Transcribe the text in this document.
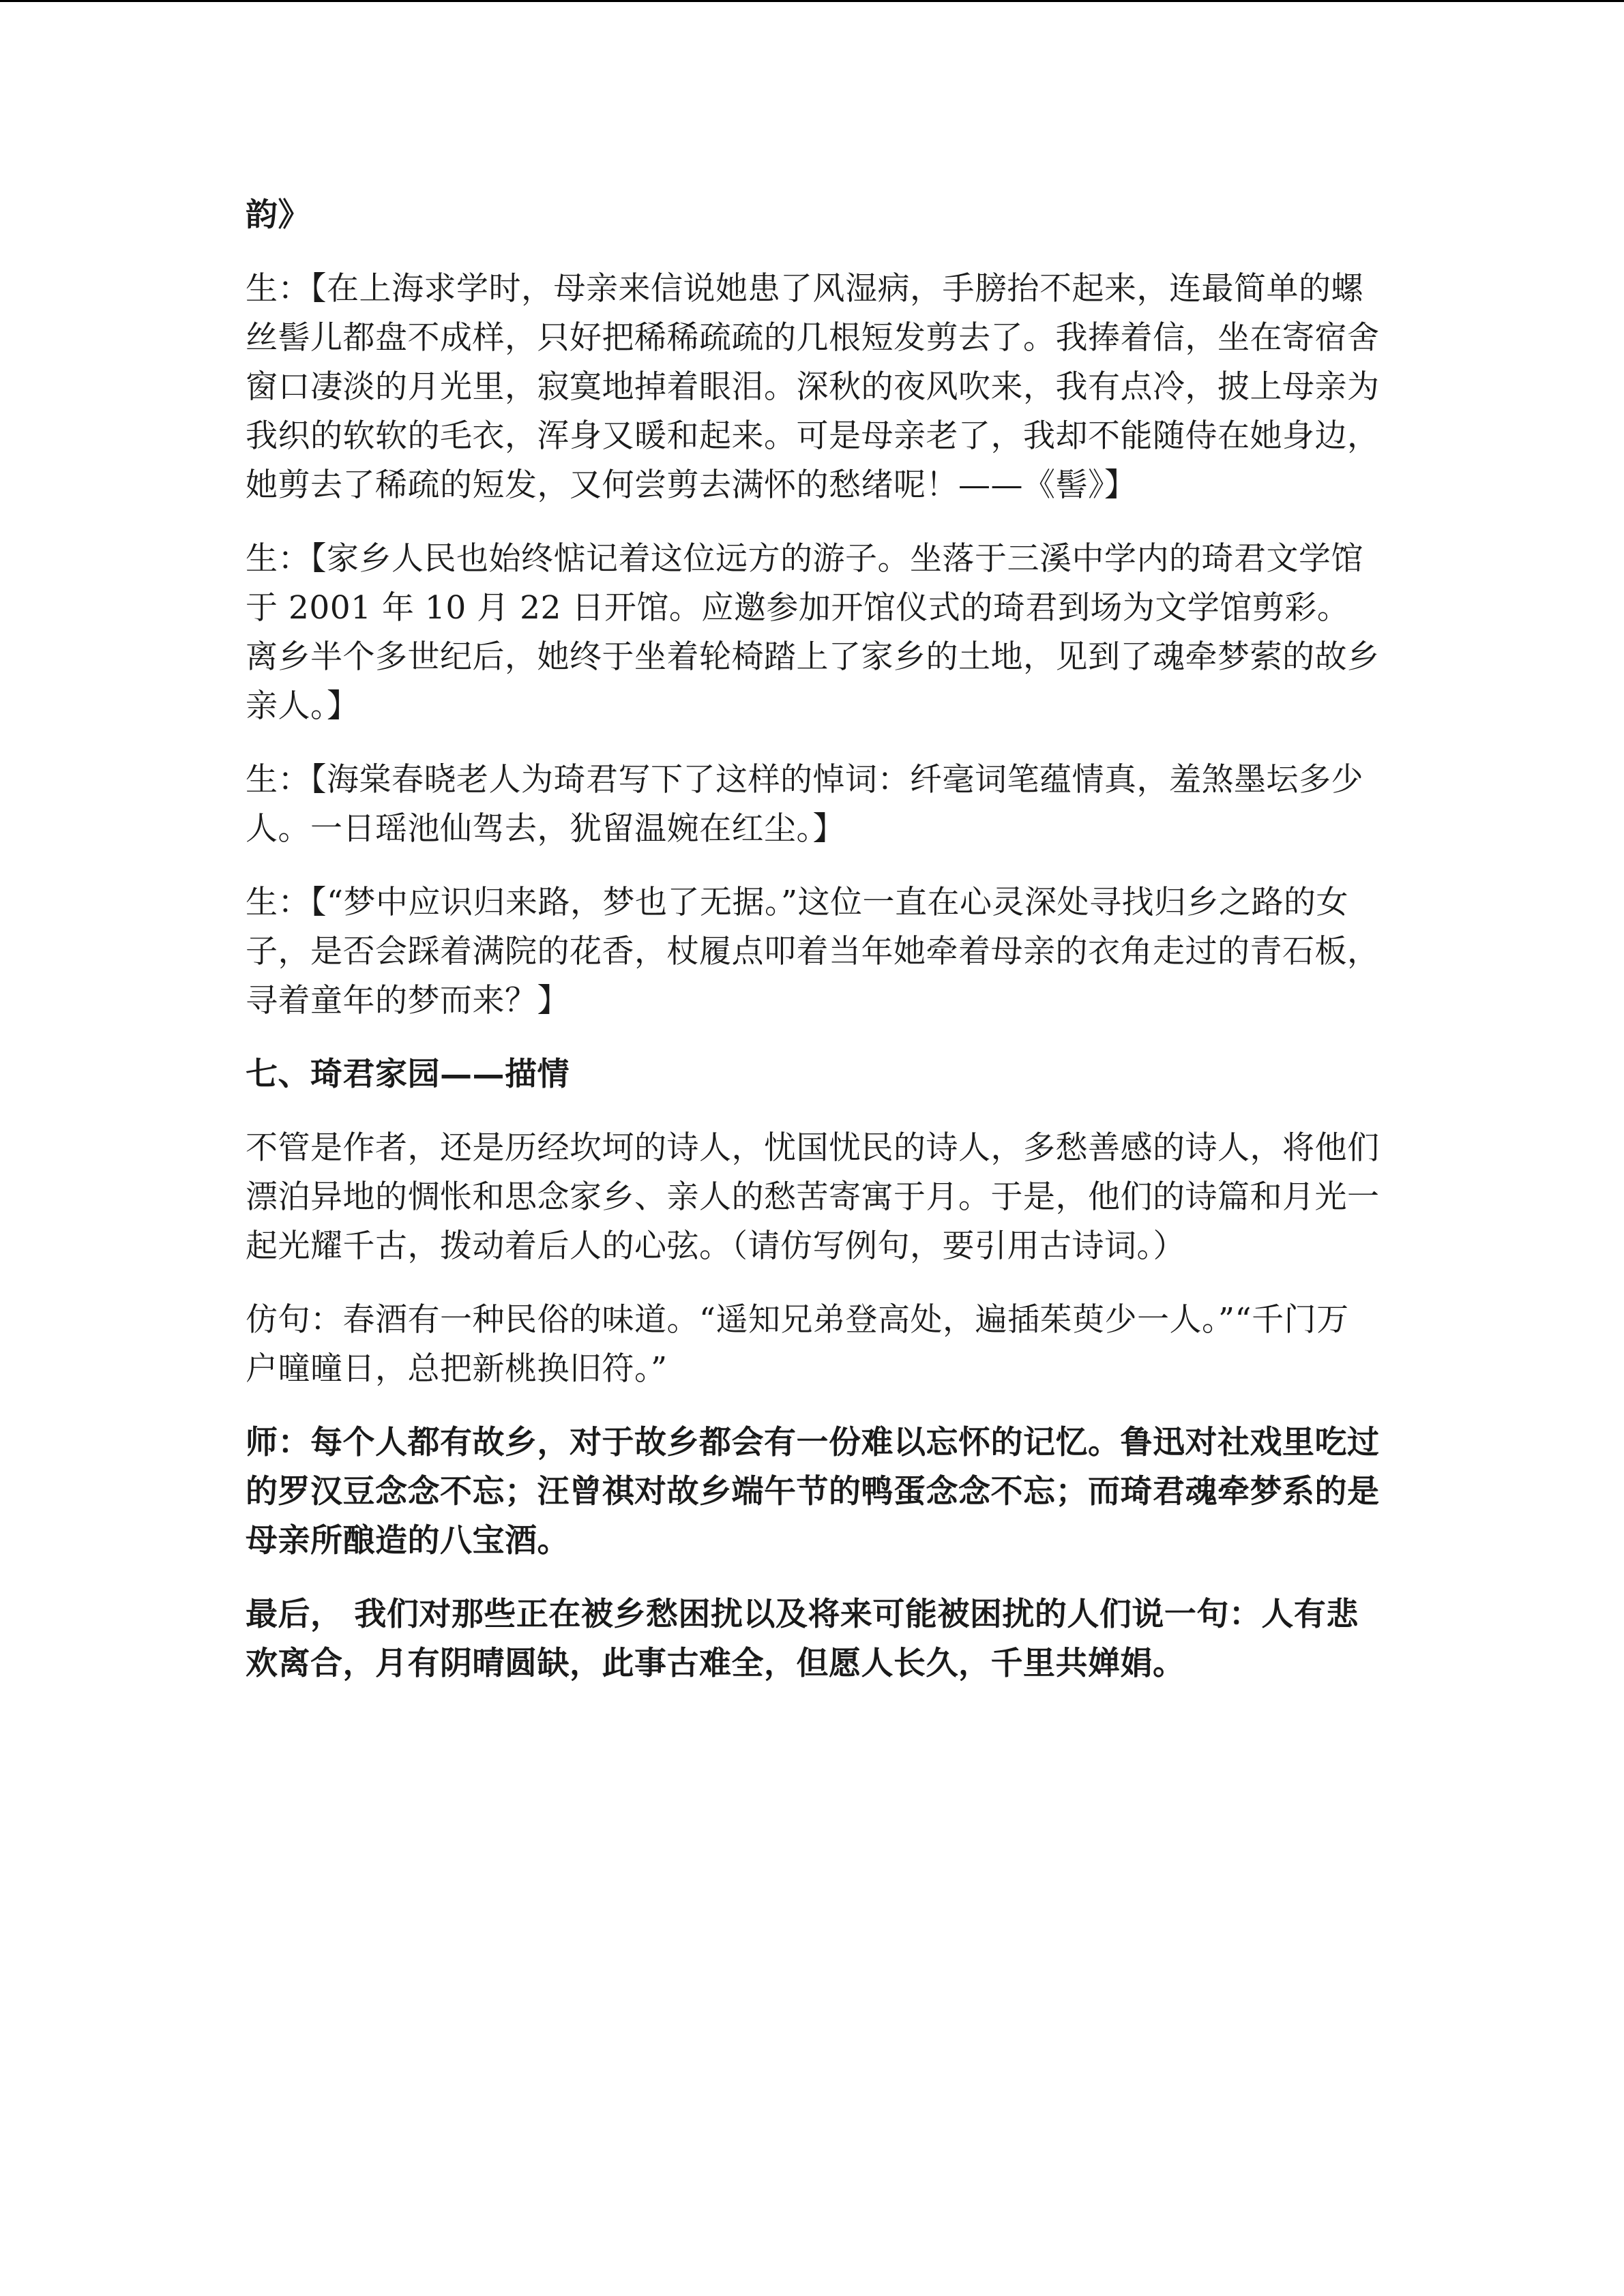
韵》

生：【在上海求学时，母亲来信说她患了风湿病，手膀抬不起来，连最简单的螺丝髻儿都盘不成样，只好把稀稀疏疏的几根短发剪去了。我捧着信，坐在寄宿舍窗口凄淡的月光里，寂寞地掉着眼泪。深秋的夜风吹来，我有点冷，披上母亲为我织的软软的毛衣，浑身又暖和起来。可是母亲老了，我却不能随侍在她身边，她剪去了稀疏的短发，又何尝剪去满怀的愁绪呢！——《髻》】

生：【家乡人民也始终惦记着这位远方的游子。坐落于三溪中学内的琦君文学馆于 2001 年 10 月 22 日开馆。应邀参加开馆仪式的琦君到场为文学馆剪彩。离乡半个多世纪后，她终于坐着轮椅踏上了家乡的土地，见到了魂牵梦萦的故乡亲人。】

生：【海棠春晓老人为琦君写下了这样的悼词：纤毫词笔蕴情真，羞煞墨坛多少人。一日瑶池仙驾去，犹留温婉在红尘。】

生：【“梦中应识归来路，梦也了无据。”这位一直在心灵深处寻找归乡之路的女子，是否会踩着满院的花香，杖履点叩着当年她牵着母亲的衣角走过的青石板，寻着童年的梦而来？】

七、琦君家园——描情

不管是作者，还是历经坎坷的诗人，忧国忧民的诗人，多愁善感的诗人，将他们漂泊异地的惆怅和思念家乡、亲人的愁苦寄寓于月。于是，他们的诗篇和月光一起光耀千古，拨动着后人的心弦。（请仿写例句，要引用古诗词。）

仿句：春酒有一种民俗的味道。“遥知兄弟登高处，遍插茱萸少一人。”“千门万户曈曈日，总把新桃换旧符。”

师：每个人都有故乡，对于故乡都会有一份难以忘怀的记忆。鲁迅对社戏里吃过的罗汉豆念念不忘；汪曾祺对故乡端午节的鸭蛋念念不忘；而琦君魂牵梦系的是母亲所酿造的八宝酒。

最后， 我们对那些正在被乡愁困扰以及将来可能被困扰的人们说一句：人有悲欢离合，月有阴晴圆缺，此事古难全，但愿人长久，千里共婵娟。
